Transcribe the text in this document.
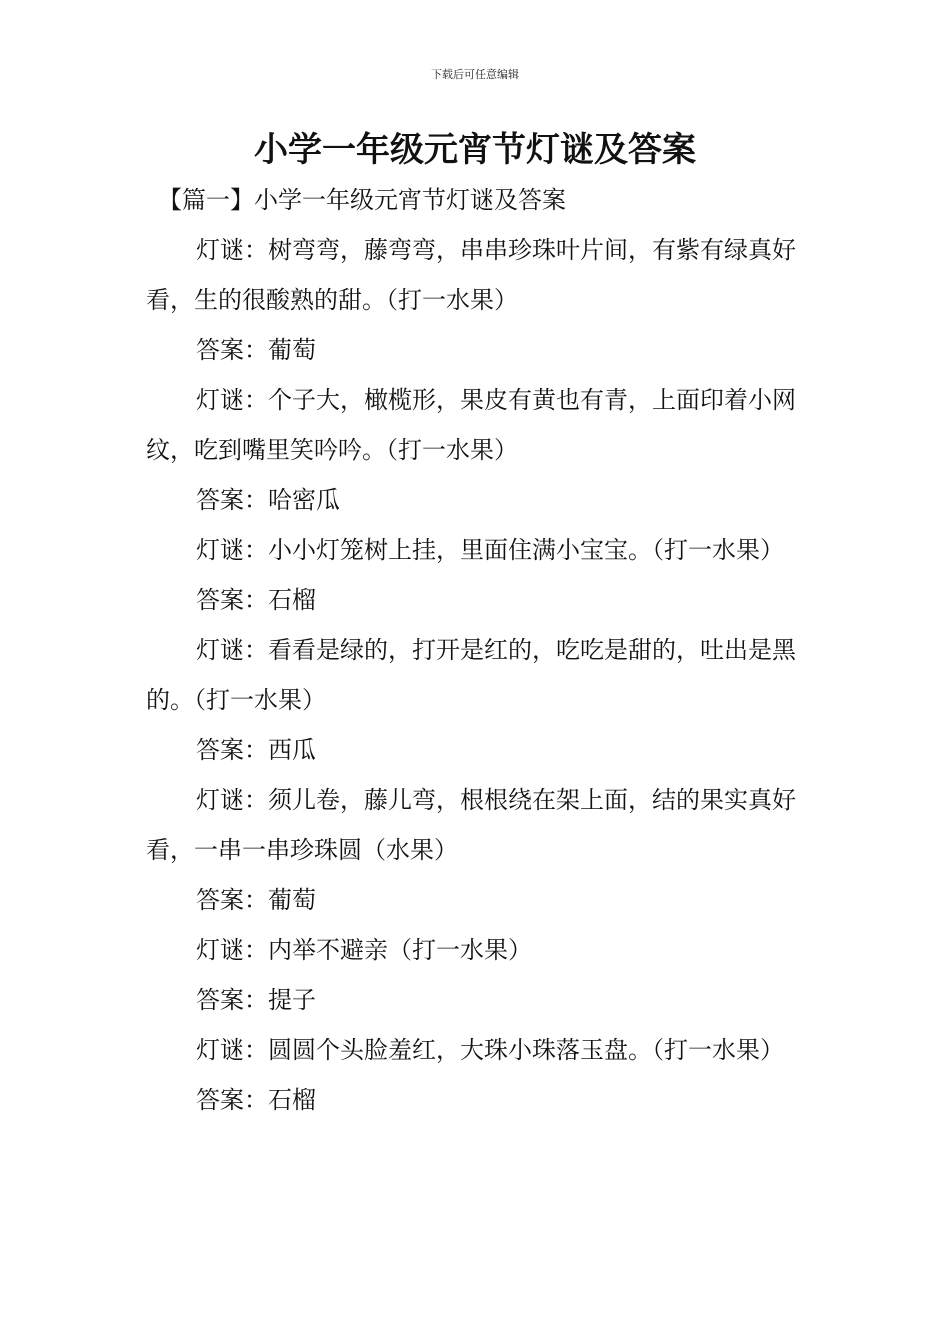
下载后可任意编辑
小学一年级元宵节灯谜及答案

【篇一】小学一年级元宵节灯谜及答案

灯谜：树弯弯，藤弯弯，串串珍珠叶片间，有紫有绿真好看，生的很酸熟的甜。（打一水果）

答案：葡萄

灯谜：个子大，橄榄形，果皮有黄也有青，上面印着小网纹，吃到嘴里笑吟吟。（打一水果）

答案：哈密瓜

灯谜：小小灯笼树上挂，里面住满小宝宝。（打一水果）

答案：石榴

灯谜：看看是绿的，打开是红的，吃吃是甜的，吐出是黑的。（打一水果）

答案：西瓜

灯谜：须儿卷，藤儿弯，根根绕在架上面，结的果实真好看，一串一串珍珠圆（水果）

答案：葡萄

灯谜：内举不避亲（打一水果）

答案：提子

灯谜：圆圆个头脸羞红，大珠小珠落玉盘。（打一水果）

答案：石榴
